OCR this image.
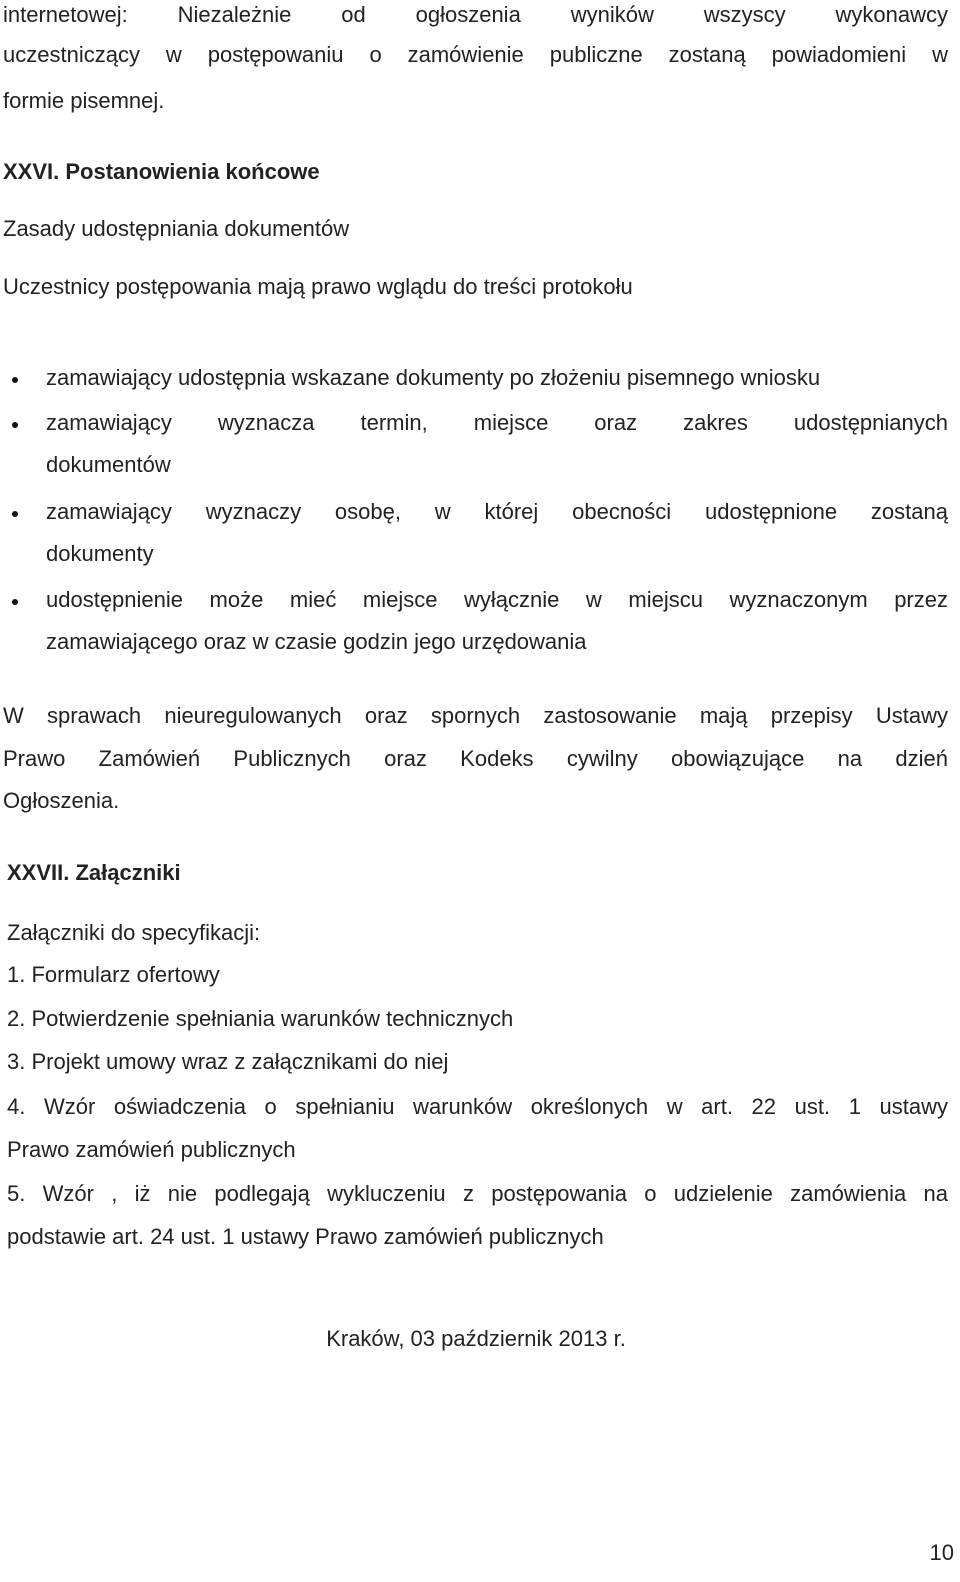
internetowej: Niezależnie od ogłoszenia wyników wszyscy wykonawcy
uczestniczący w postępowaniu o zamówienie publiczne zostaną powiadomieni w
formie pisemnej.
XXVI. Postanowienia końcowe
Zasady udostępniania dokumentów
Uczestnicy postępowania mają prawo wglądu do treści protokołu
zamawiający udostępnia wskazane dokumenty po złożeniu pisemnego wniosku
zamawiający wyznacza termin, miejsce oraz zakres udostępnianych
dokumentów
zamawiający wyznaczy osobę, w której obecności udostępnione zostaną
dokumenty
udostępnienie może mieć miejsce wyłącznie w miejscu wyznaczonym przez
zamawiającego oraz w czasie godzin jego urzędowania
W sprawach nieuregulowanych oraz spornych zastosowanie mają przepisy Ustawy
Prawo Zamówień Publicznych oraz Kodeks cywilny obowiązujące na dzień
Ogłoszenia.
XXVII. Załączniki
Załączniki do specyfikacji:
1. Formularz ofertowy
2. Potwierdzenie spełniania warunków technicznych
3. Projekt umowy wraz z załącznikami do niej
4. Wzór oświadczenia o spełnianiu warunków określonych w art. 22 ust. 1 ustawy
Prawo zamówień publicznych
5. Wzór , iż nie podlegają wykluczeniu z postępowania o udzielenie zamówienia na
podstawie art. 24 ust. 1 ustawy Prawo zamówień publicznych
Kraków, 03 październik 2013 r.
10
